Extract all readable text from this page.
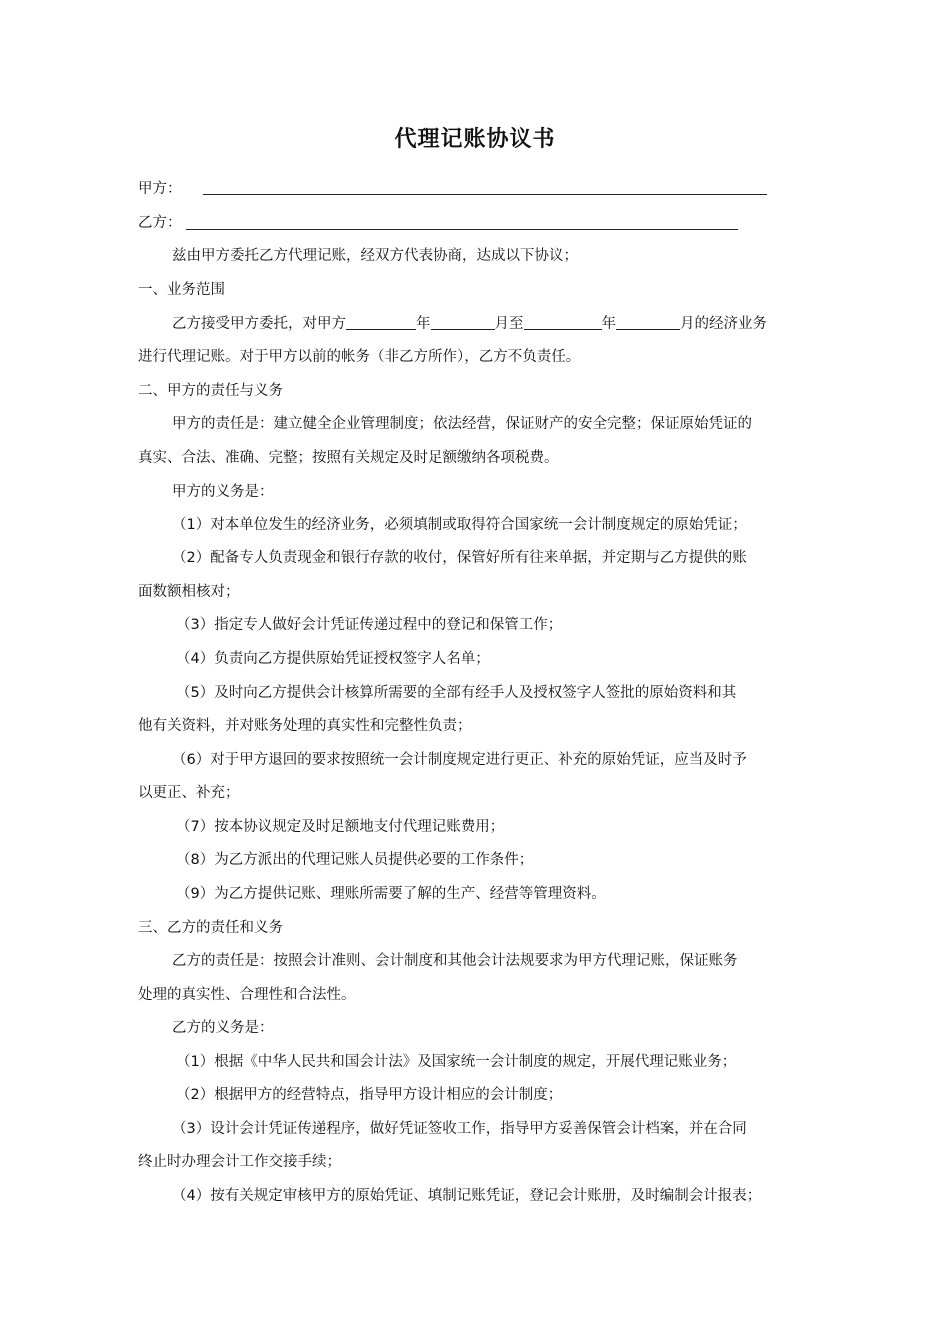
代理记账协议书
甲方：
乙方：
兹由甲方委托乙方代理记账，经双方代表协商，达成以下协议；
一、业务范围
乙方接受甲方委托，对甲方	年	月至	年	月的经济业务
进行代理记账。对于甲方以前的帐务（非乙方所作），乙方不负责任。
二、甲方的责任与义务
甲方的责任是：建立健全企业管理制度；依法经营，保证财产的安全完整；保证原始凭证的
真实、合法、准确、完整；按照有关规定及时足额缴纳各项税费。
甲方的义务是：
（1）对本单位发生的经济业务，必须填制或取得符合国家统一会计制度规定的原始凭证；
（2）配备专人负责现金和银行存款的收付，保管好所有往来单据，并定期与乙方提供的账
面数额相核对；
（3）指定专人做好会计凭证传递过程中的登记和保管工作；
（4）负责向乙方提供原始凭证授权签字人名单；
（5）及时向乙方提供会计核算所需要的全部有经手人及授权签字人签批的原始资料和其
他有关资料，并对账务处理的真实性和完整性负责；
（6）对于甲方退回的要求按照统一会计制度规定进行更正、补充的原始凭证，应当及时予
以更正、补充；
（7）按本协议规定及时足额地支付代理记账费用；
（8）为乙方派出的代理记账人员提供必要的工作条件；
（9）为乙方提供记账、理账所需要了解的生产、经营等管理资料。
三、乙方的责任和义务
乙方的责任是：按照会计准则、会计制度和其他会计法规要求为甲方代理记账，保证账务
处理的真实性、合理性和合法性。
乙方的义务是：
（1）根据《中华人民共和国会计法》及国家统一会计制度的规定，开展代理记账业务；
（2）根据甲方的经营特点，指导甲方设计相应的会计制度；
（3）设计会计凭证传递程序，做好凭证签收工作，指导甲方妥善保管会计档案，并在合同
终止时办理会计工作交接手续；
（4）按有关规定审核甲方的原始凭证、填制记账凭证，登记会计账册，及时编制会计报表；
